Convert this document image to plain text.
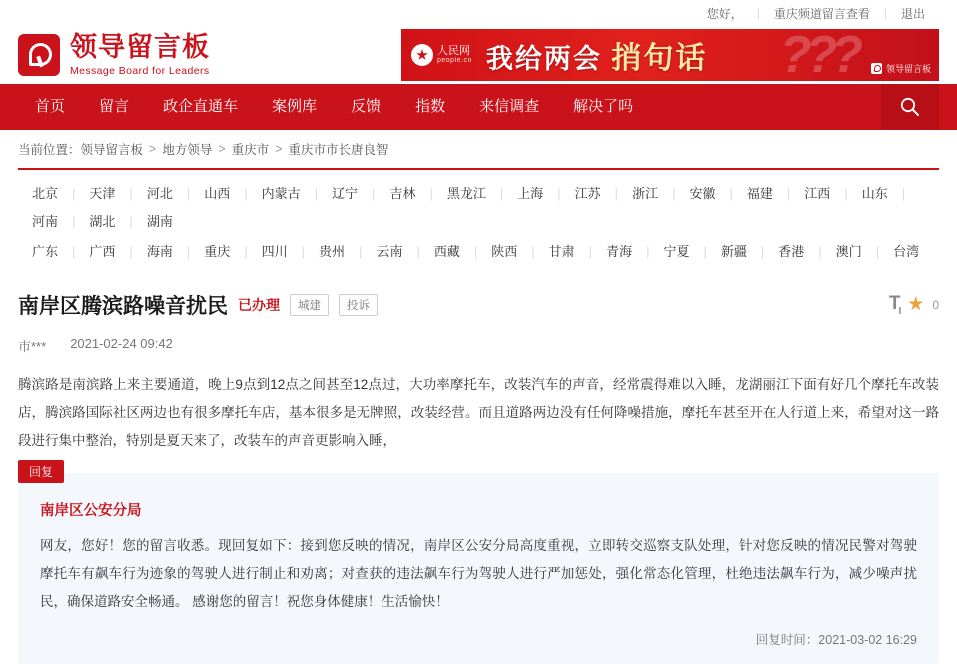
您好，	|	重庆频道留言查看	|	退出
领导留言板
Message Board for Leaders
人民网
people.cn 我给两会 捎句话 ???	领导留言板
首页	留言	政企直通车	案例库	反馈	指数	来信调查	解决了吗
当前位置： 领导留言板 > 地方领导 > 重庆市 > 重庆市市长唐良智
北京	|	天津	|	河北	|	山西	|	内蒙古	|	辽宁	|	吉林	|	黑龙江	|	上海	|	江苏	|	浙江	|	安徽	|	福建	|	江西	|	山东	|
河南	|	湖北	|	湖南
广东	|	广西	|	海南	|	重庆	|	四川	|	贵州	|	云南	|	西藏	|	陕西	|	甘肃	|	青海	|	宁夏	|	新疆	|	香港	|	澳门	|	台湾
南岸区腾滨路噪音扰民 已办理	城建	投诉	$T_I$ ★ 0
市*** 2021-02-24 09:42
腾滨路是南滨路上来主要通道，晚上9点到12点之间甚至12点过，大功率摩托车，改装汽车的声音，经常震得难以入睡，龙湖丽江下面有好几个摩托车改装店，腾滨路国际社区两边也有很多摩托车店，基本很多是无牌照，改装经营。而且道路两边没有任何降噪措施，摩托车甚至开在人行道上来，希望对这一路段进行集中整治，特别是夏天来了，改装车的声音更影响入睡，
回复
南岸区公安分局
网友，您好！您的留言收悉。现回复如下：接到您反映的情况，南岸区公安分局高度重视，立即转交巡察支队处理，针对您反映的情况民警对驾驶摩托车有飙车行为迹象的驾驶人进行制止和劝离；对查获的违法飙车行为驾驶人进行严加惩处，强化常态化管理，杜绝违法飙车行为，减少噪声扰民，确保道路安全畅通。 感谢您的留言！祝您身体健康！生活愉快！
回复时间：2021-03-02 16:29
